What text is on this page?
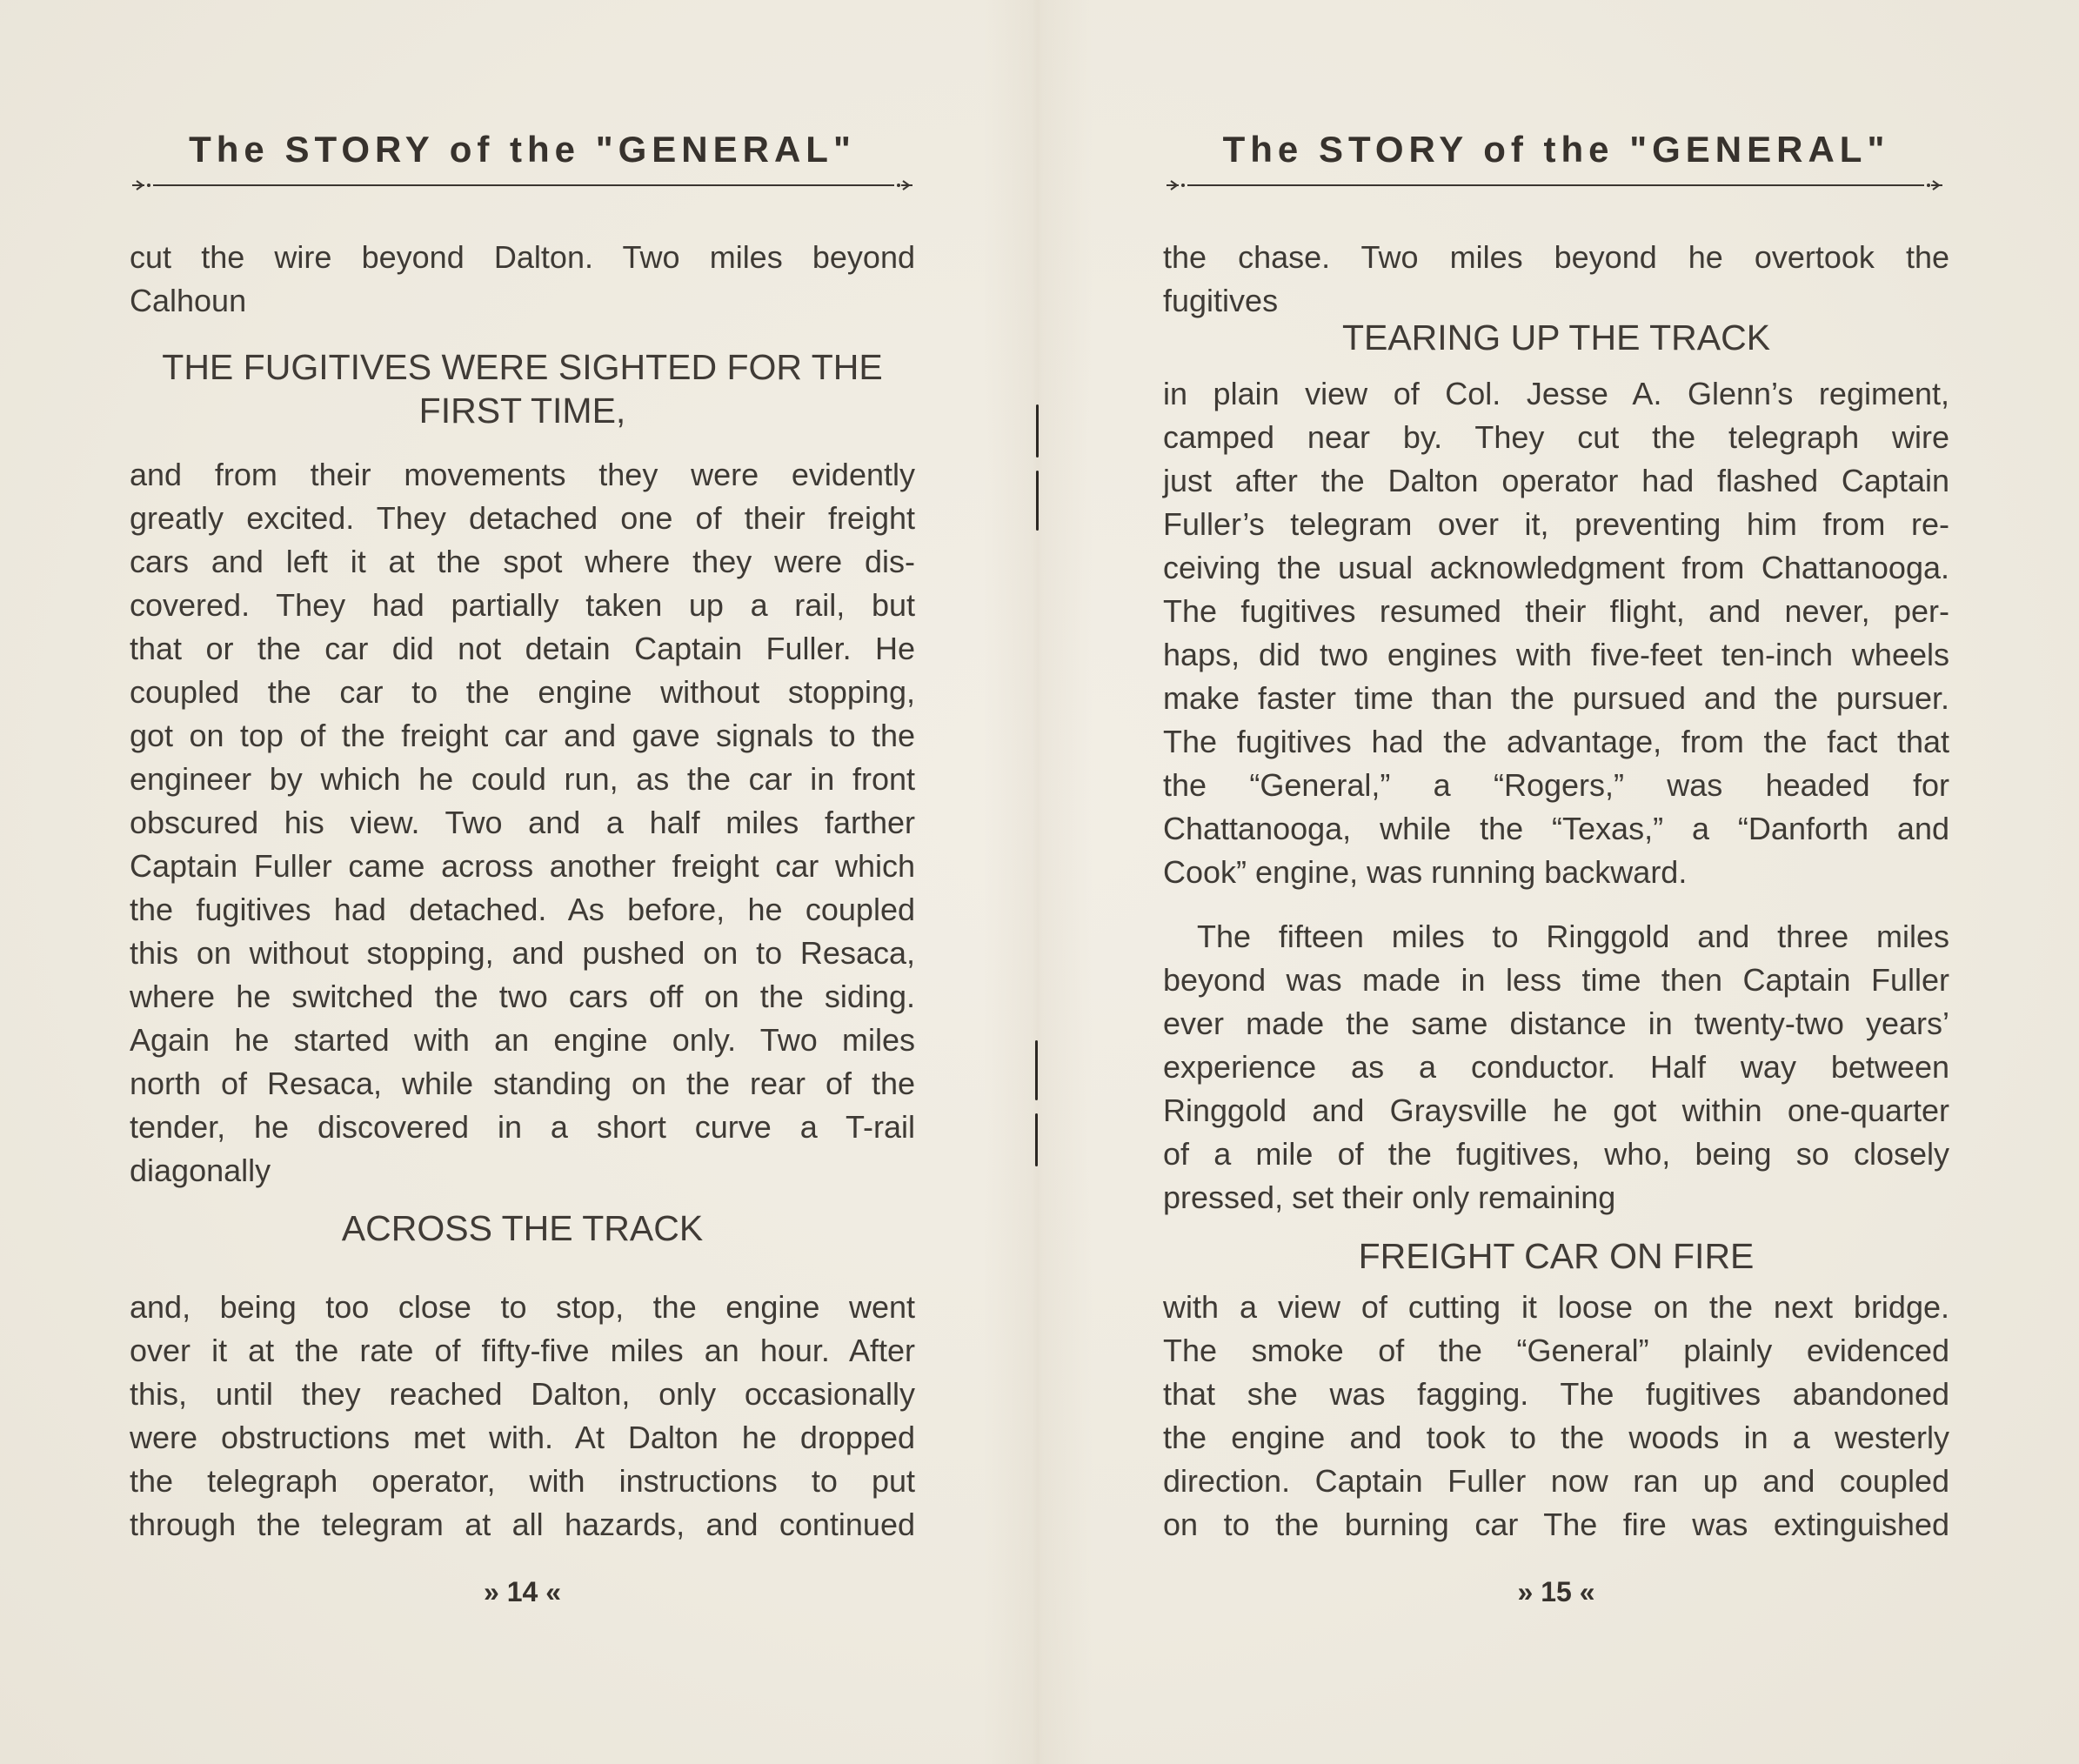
The STORY of the "GENERAL"
cut the wire beyond Dalton. Two miles beyond
Calhoun
THE FUGITIVES WERE SIGHTED FOR THE
FIRST TIME,
and from their movements they were evidently
greatly excited. They detached one of their freight
cars and left it at the spot where they were dis-
covered. They had partially taken up a rail, but
that or the car did not detain Captain Fuller. He
coupled the car to the engine without stopping,
got on top of the freight car and gave signals to the
engineer by which he could run, as the car in front
obscured his view. Two and a half miles farther
Captain Fuller came across another freight car which
the fugitives had detached. As before, he coupled
this on without stopping, and pushed on to Resaca,
where he switched the two cars off on the siding.
Again he started with an engine only. Two miles
north of Resaca, while standing on the rear of the
tender, he discovered in a short curve a T-rail
diagonally
ACROSS THE TRACK
and, being too close to stop, the engine went
over it at the rate of fifty-five miles an hour. After
this, until they reached Dalton, only occasionally
were obstructions met with. At Dalton he dropped
the telegraph operator, with instructions to put
through the telegram at all hazards, and continued
» 14 «
The STORY of the "GENERAL"
the chase. Two miles beyond he overtook the
fugitives
TEARING UP THE TRACK
in plain view of Col. Jesse A. Glenn’s regiment,
camped near by. They cut the telegraph wire
just after the Dalton operator had flashed Captain
Fuller’s telegram over it, preventing him from re-
ceiving the usual acknowledgment from Chattanooga.
The fugitives resumed their flight, and never, per-
haps, did two engines with five-feet ten-inch wheels
make faster time than the pursued and the pursuer.
The fugitives had the advantage, from the fact that
the “General,” a “Rogers,” was headed for
Chattanooga, while the “Texas,” a “Danforth and
Cook” engine, was running backward.
The fifteen miles to Ringgold and three miles
beyond was made in less time then Captain Fuller
ever made the same distance in twenty-two years’
experience as a conductor. Half way between
Ringgold and Graysville he got within one-quarter
of a mile of the fugitives, who, being so closely
pressed, set their only remaining
FREIGHT CAR ON FIRE
with a view of cutting it loose on the next bridge.
The smoke of the “General” plainly evidenced
that she was fagging. The fugitives abandoned
the engine and took to the woods in a westerly
direction. Captain Fuller now ran up and coupled
on to the burning car The fire was extinguished
» 15 «
